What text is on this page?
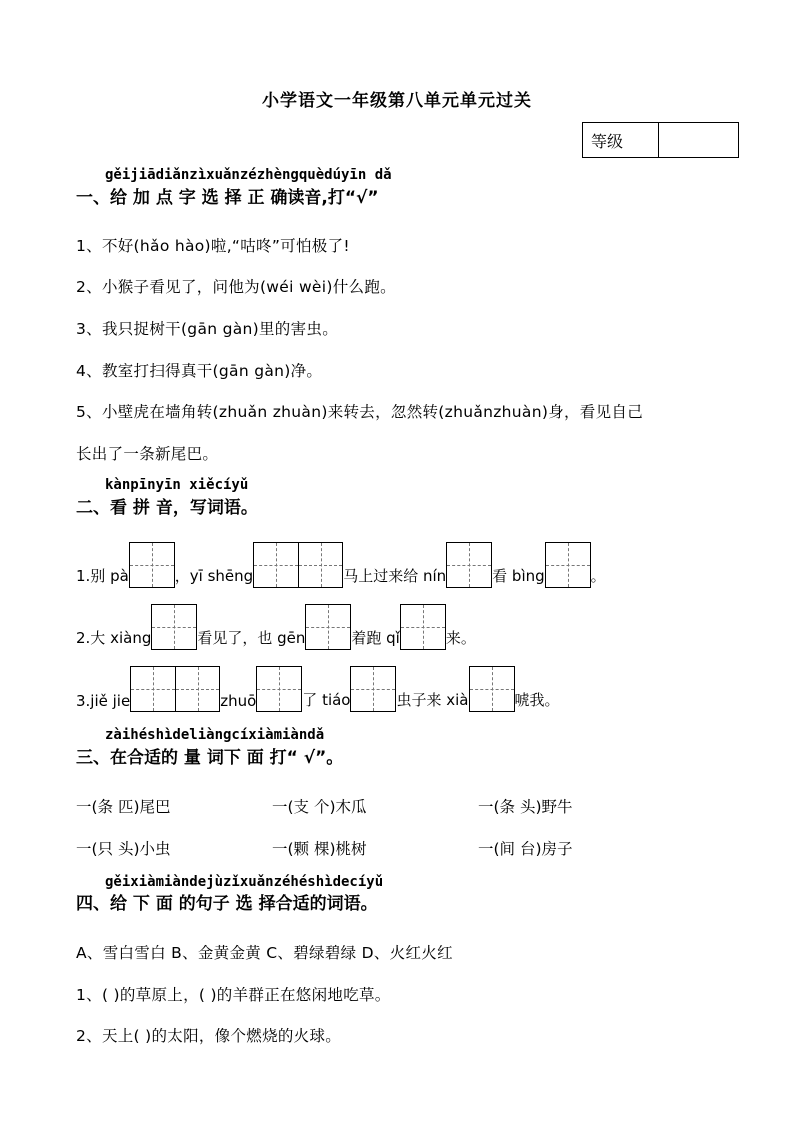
小学语文一年级第八单元单元过关
等级	
gěijiādiǎnzìxuǎnzézhèngquèdúyīn dǎ
一、给 加 点 字 选 择 正 确读音,打“√”
1、不好(hǎo hào)啦,“咕咚”可怕极了!
2、小猴子看见了，问他为(wéi wèi)什么跑。
3、我只捉树干(gān gàn)里的害虫。
4、教室打扫得真干(gān gàn)净。
5、小壁虎在墙角转(zhuǎn zhuàn)来转去，忽然转(zhuǎnzhuàn)身，看见自己
长出了一条新尾巴。
kànpīnyīn xiěcíyǔ
二、看 拼 音，写词语。
1.别 pà	，yī shēng	马上过来给 nín	看 bìng	。
2.大 xiàng	看见了，也 gēn	着跑 qǐ	来。
3.jiě jie	zhuō	了 tiáo	虫子来 xià	唬我。
zàihéshìdeliàngcíxiàmiàndǎ
三、在合适的 量 词下 面 打“ √”。
一(条 匹)尾巴	一(支 个)木瓜	一(条 头)野牛
一(只 头)小虫	一(颗 棵)桃树	一(间 台)房子
gěixiàmiàndejùzǐxuǎnzéhéshìdecíyǔ
四、给 下 面 的句子 选 择合适的词语。
A、雪白雪白 B、金黄金黄 C、碧绿碧绿 D、火红火红
1、( )的草原上，( )的羊群正在悠闲地吃草。
2、天上( )的太阳，像个燃烧的火球。
